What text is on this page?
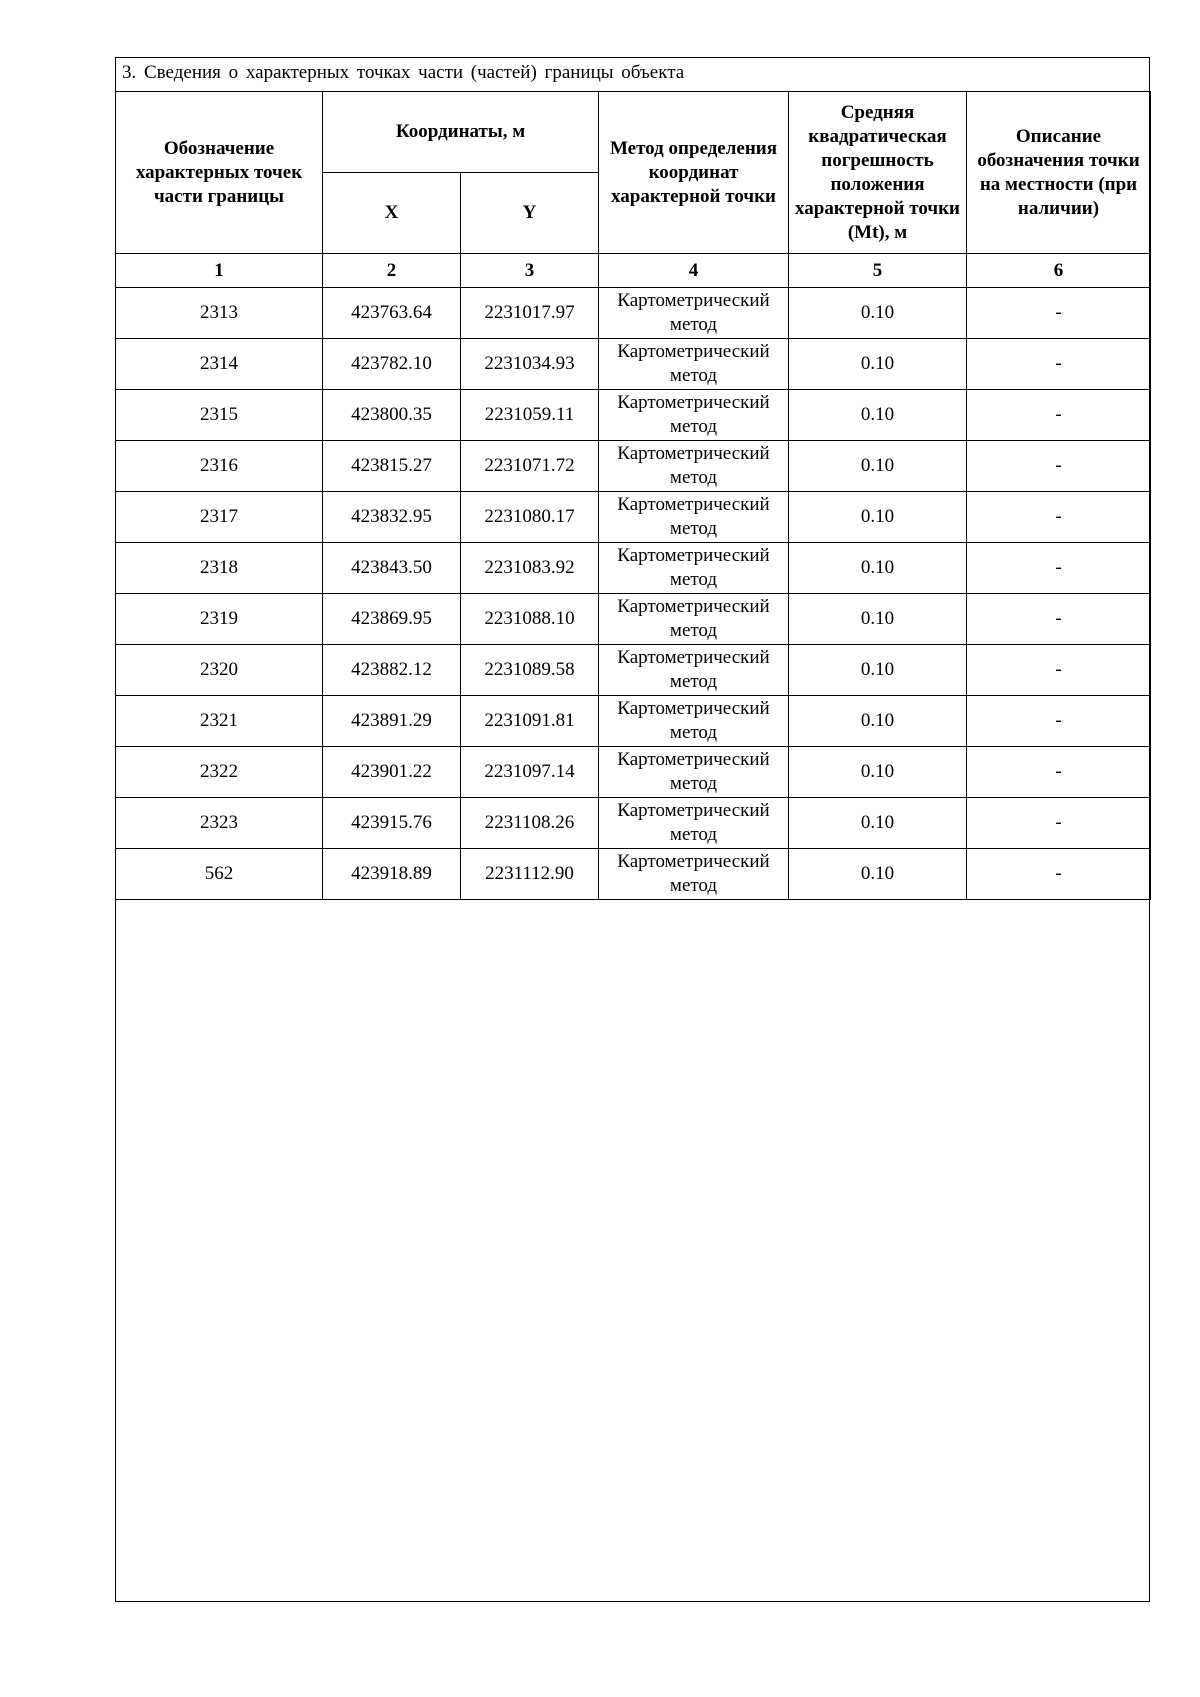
3. Сведения о характерных точках части (частей) границы объекта
Обозначение характерных точек части границы	Координаты, м		Метод определения координат характерной точки	Средняя квадратическая погрешность положения характерной точки (Mt), м	Описание обозначения точки на местности (при наличии)
	X	Y			
1	2	3	4	5	6
2313	423763.64	2231017.97	Картометрический метод	0.10	-
2314	423782.10	2231034.93	Картометрический метод	0.10	-
2315	423800.35	2231059.11	Картометрический метод	0.10	-
2316	423815.27	2231071.72	Картометрический метод	0.10	-
2317	423832.95	2231080.17	Картометрический метод	0.10	-
2318	423843.50	2231083.92	Картометрический метод	0.10	-
2319	423869.95	2231088.10	Картометрический метод	0.10	-
2320	423882.12	2231089.58	Картометрический метод	0.10	-
2321	423891.29	2231091.81	Картометрический метод	0.10	-
2322	423901.22	2231097.14	Картометрический метод	0.10	-
2323	423915.76	2231108.26	Картометрический метод	0.10	-
562	423918.89	2231112.90	Картометрический метод	0.10	-
